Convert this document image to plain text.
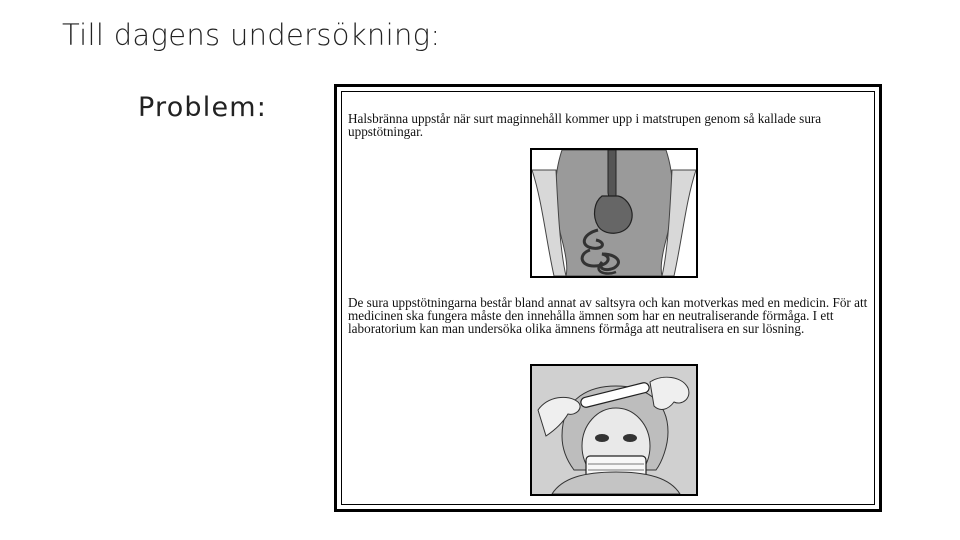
Till dagens undersökning:
Problem:	Halsbränna uppstår när surt maginnehåll kommer upp i matstrupen genom så kallade sura uppstötningar.

De sura uppstötningarna består bland annat av saltsyra och kan motverkas med en medicin. För att medicinen ska fungera måste den innehålla ämnen som har en neutraliserande förmåga. I ett laboratorium kan man undersöka olika ämnens förmåga att neutralisera en sur lösning.
